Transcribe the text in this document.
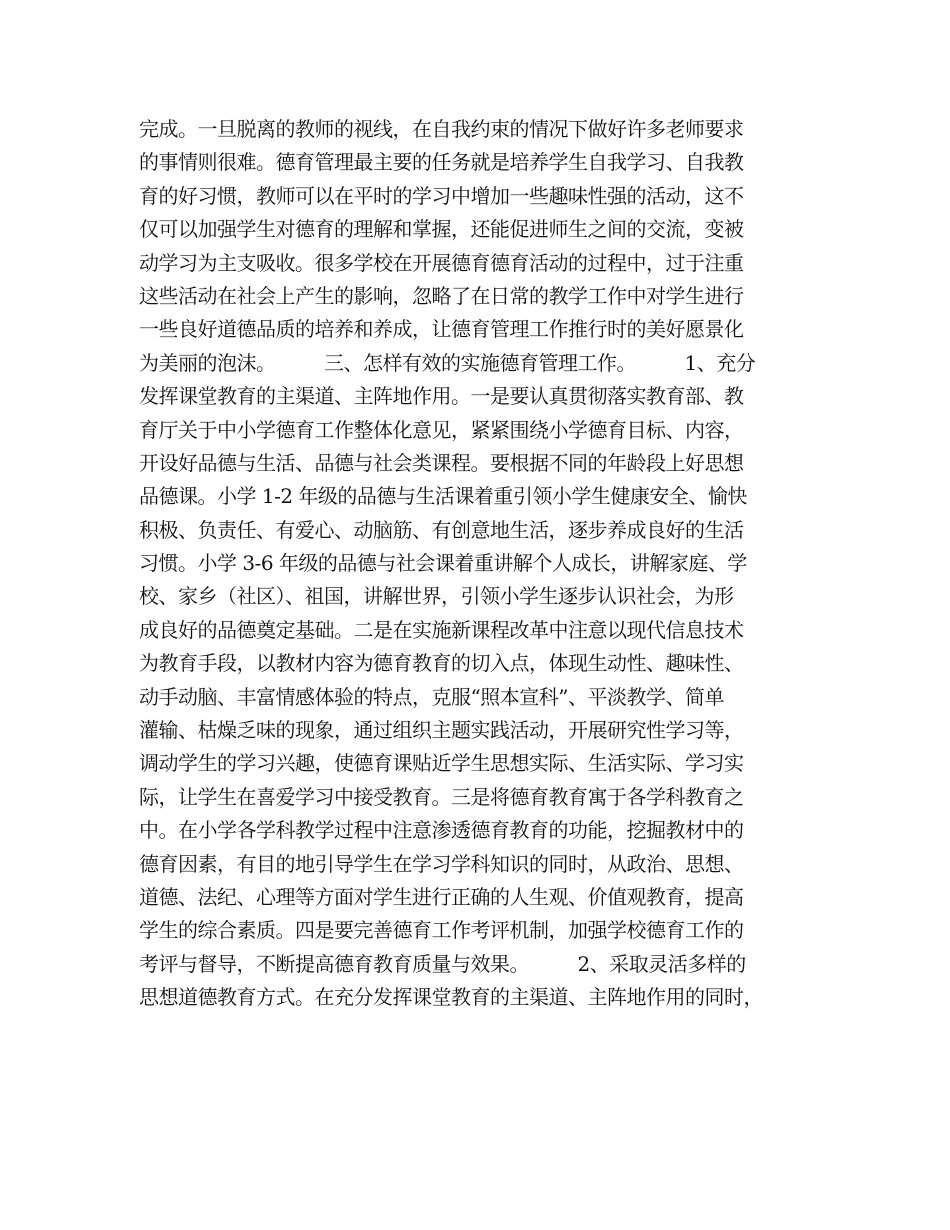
完成。一旦脱离的教师的视线，在自我约束的情况下做好许多老师要求
的事情则很难。德育管理最主要的任务就是培养学生自我学习、自我教
育的好习惯，教师可以在平时的学习中增加一些趣味性强的活动，这不
仅可以加强学生对德育的理解和掌握，还能促进师生之间的交流，变被
动学习为主支吸收。很多学校在开展德育德育活动的过程中，过于注重
这些活动在社会上产生的影响，忽略了在日常的教学工作中对学生进行
一些良好道德品质的培养和养成，让德育管理工作推行时的美好愿景化
为美丽的泡沫。　　　三、怎样有效的实施德育管理工作。　　　1、充分
发挥课堂教育的主渠道、主阵地作用。一是要认真贯彻落实教育部、教
育厅关于中小学德育工作整体化意见，紧紧围绕小学德育目标、内容，
开设好品德与生活、品德与社会类课程。要根据不同的年龄段上好思想
品德课。小学 1-2 年级的品德与生活课着重引领小学生健康安全、愉快
积极、负责任、有爱心、动脑筋、有创意地生活，逐步养成良好的生活
习惯。小学 3-6 年级的品德与社会课着重讲解个人成长，讲解家庭、学
校、家乡（社区）、祖国，讲解世界，引领小学生逐步认识社会，为形
成良好的品德奠定基础。二是在实施新课程改革中注意以现代信息技术
为教育手段，以教材内容为德育教育的切入点，体现生动性、趣味性、
动手动脑、丰富情感体验的特点，克服“照本宣科”、平淡教学、简单
灌输、枯燥乏味的现象，通过组织主题实践活动，开展研究性学习等，
调动学生的学习兴趣，使德育课贴近学生思想实际、生活实际、学习实
际，让学生在喜爱学习中接受教育。三是将德育教育寓于各学科教育之
中。在小学各学科教学过程中注意渗透德育教育的功能，挖掘教材中的
德育因素，有目的地引导学生在学习学科知识的同时，从政治、思想、
道德、法纪、心理等方面对学生进行正确的人生观、价值观教育，提高
学生的综合素质。四是要完善德育工作考评机制，加强学校德育工作的
考评与督导，不断提高德育教育质量与效果。　　　2、采取灵活多样的
思想道德教育方式。在充分发挥课堂教育的主渠道、主阵地作用的同时，
